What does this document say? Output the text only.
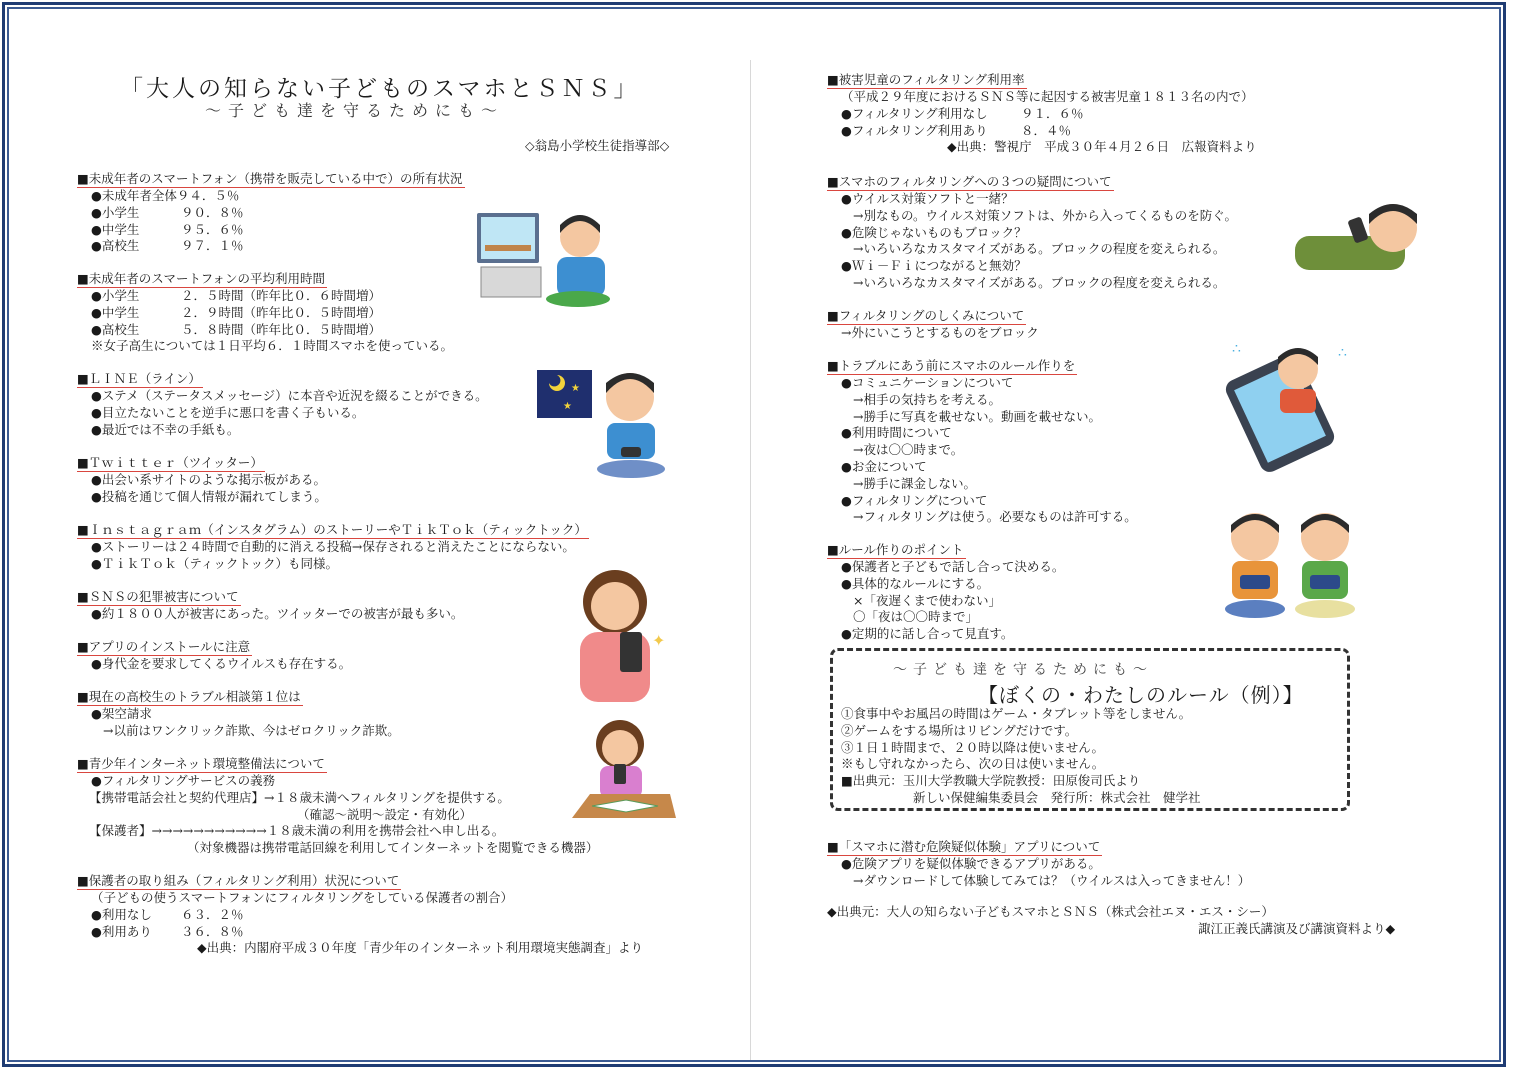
「大人の知らない子どものスマホとＳＮＳ」
～子ども達を守るためにも～
◇翁島小学校生徒指導部◇
■未成年者のスマートフォン（携帯を販売している中で）の所有状況
●未成年者全体９４．５％
●小学生	９０．８％
●中学生	９５．６％
●高校生	９７．１％
■未成年者のスマートフォンの平均利用時間
●小学生	２．５時間（昨年比０．６時間増）
●中学生	２．９時間（昨年比０．５時間増）
●高校生	５．８時間（昨年比０．５時間増）
※女子高生については１日平均６．１時間スマホを使っている。
■ＬＩＮＥ（ライン）
●ステメ（ステータスメッセージ）に本音や近況を綴ることができる。
●目立たないことを逆手に悪口を書く子もいる。
●最近では不幸の手紙も。
■Ｔｗｉｔｔｅｒ（ツイッター）
●出会い系サイトのような掲示板がある。
●投稿を通じて個人情報が漏れてしまう。
■Ｉｎｓｔａｇｒａｍ（インスタグラム）のストーリーやＴｉｋＴｏｋ（ティックトック）
●ストーリーは２４時間で自動的に消える投稿→保存されると消えたことにならない。
●ＴｉｋＴｏｋ（ティックトック）も同様。
■ＳＮＳの犯罪被害について
●約１８００人が被害にあった。ツイッターでの被害が最も多い。
■アプリのインストールに注意
●身代金を要求してくるウイルスも存在する。
■現在の高校生のトラブル相談第１位は
●架空請求
→以前はワンクリック詐欺、今はゼロクリック詐欺。
■青少年インターネット環境整備法について
●フィルタリングサービスの義務
【携帯電話会社と契約代理店】→１８歳未満へフィルタリングを提供する。
（確認～説明～設定・有効化）
【保護者】→→→→→→→→→→→１８歳未満の利用を携帯会社へ申し出る。
（対象機器は携帯電話回線を利用してインターネットを閲覧できる機器）
■保護者の取り組み（フィルタリング利用）状況について
（子どもの使うスマートフォンにフィルタリングをしている保護者の割合）
●利用なし ６３．２％
●利用あり ３６．８％
◆出典：内閣府平成３０年度「青少年のインターネット利用環境実態調査」より
■被害児童のフィルタリング利用率
（平成２９年度におけるＳＮＳ等に起因する被害児童１８１３名の内で）
●フィルタリング利用なし	９１．６％
●フィルタリング利用あり	８．４％
◆出典：警視庁　平成３０年４月２６日　広報資料より
■スマホのフィルタリングへの３つの疑問について
●ウイルス対策ソフトと一緒？
→別なもの。ウイルス対策ソフトは、外から入ってくるものを防ぐ。
●危険じゃないものもブロック？
→いろいろなカスタマイズがある。ブロックの程度を変えられる。
●Ｗｉ－Ｆｉにつながると無効？
→いろいろなカスタマイズがある。ブロックの程度を変えられる。
■フィルタリングのしくみについて
→外にいこうとするものをブロック
■トラブルにあう前にスマホのルール作りを
●コミュニケーションについて
→相手の気持ちを考える。
→勝手に写真を載せない。動画を載せない。
●利用時間について
→夜は〇〇時まで。
●お金について
→勝手に課金しない。
●フィルタリングについて
→フィルタリングは使う。必要なものは許可する。
■ルール作りのポイント
●保護者と子どもで話し合って決める。
●具体的なルールにする。
×「夜遅くまで使わない」
〇「夜は〇〇時まで」
●定期的に話し合って見直す。
～子ども達を守るためにも～
【ぼくの・わたしのルール（例）】
①食事中やお風呂の時間はゲーム・タブレット等をしません。
②ゲームをする場所はリビングだけです。
③１日１時間まで、２０時以降は使いません。
※もし守れなかったら、次の日は使いません。
■出典元：玉川大学教職大学院教授：田原俊司氏より
新しい保健編集委員会　発行所：株式会社　健学社
■「スマホに潜む危険疑似体験」アプリについて
●危険アプリを疑似体験できるアプリがある。
→ダウンロードして体験してみては？（ウイルスは入ってきません！）
◆出典元：大人の知らない子どもスマホとＳＮＳ（株式会社エヌ・エス・シー）
諏江正義氏講演及び講演資料より◆
★
★
✦
∴	∴
